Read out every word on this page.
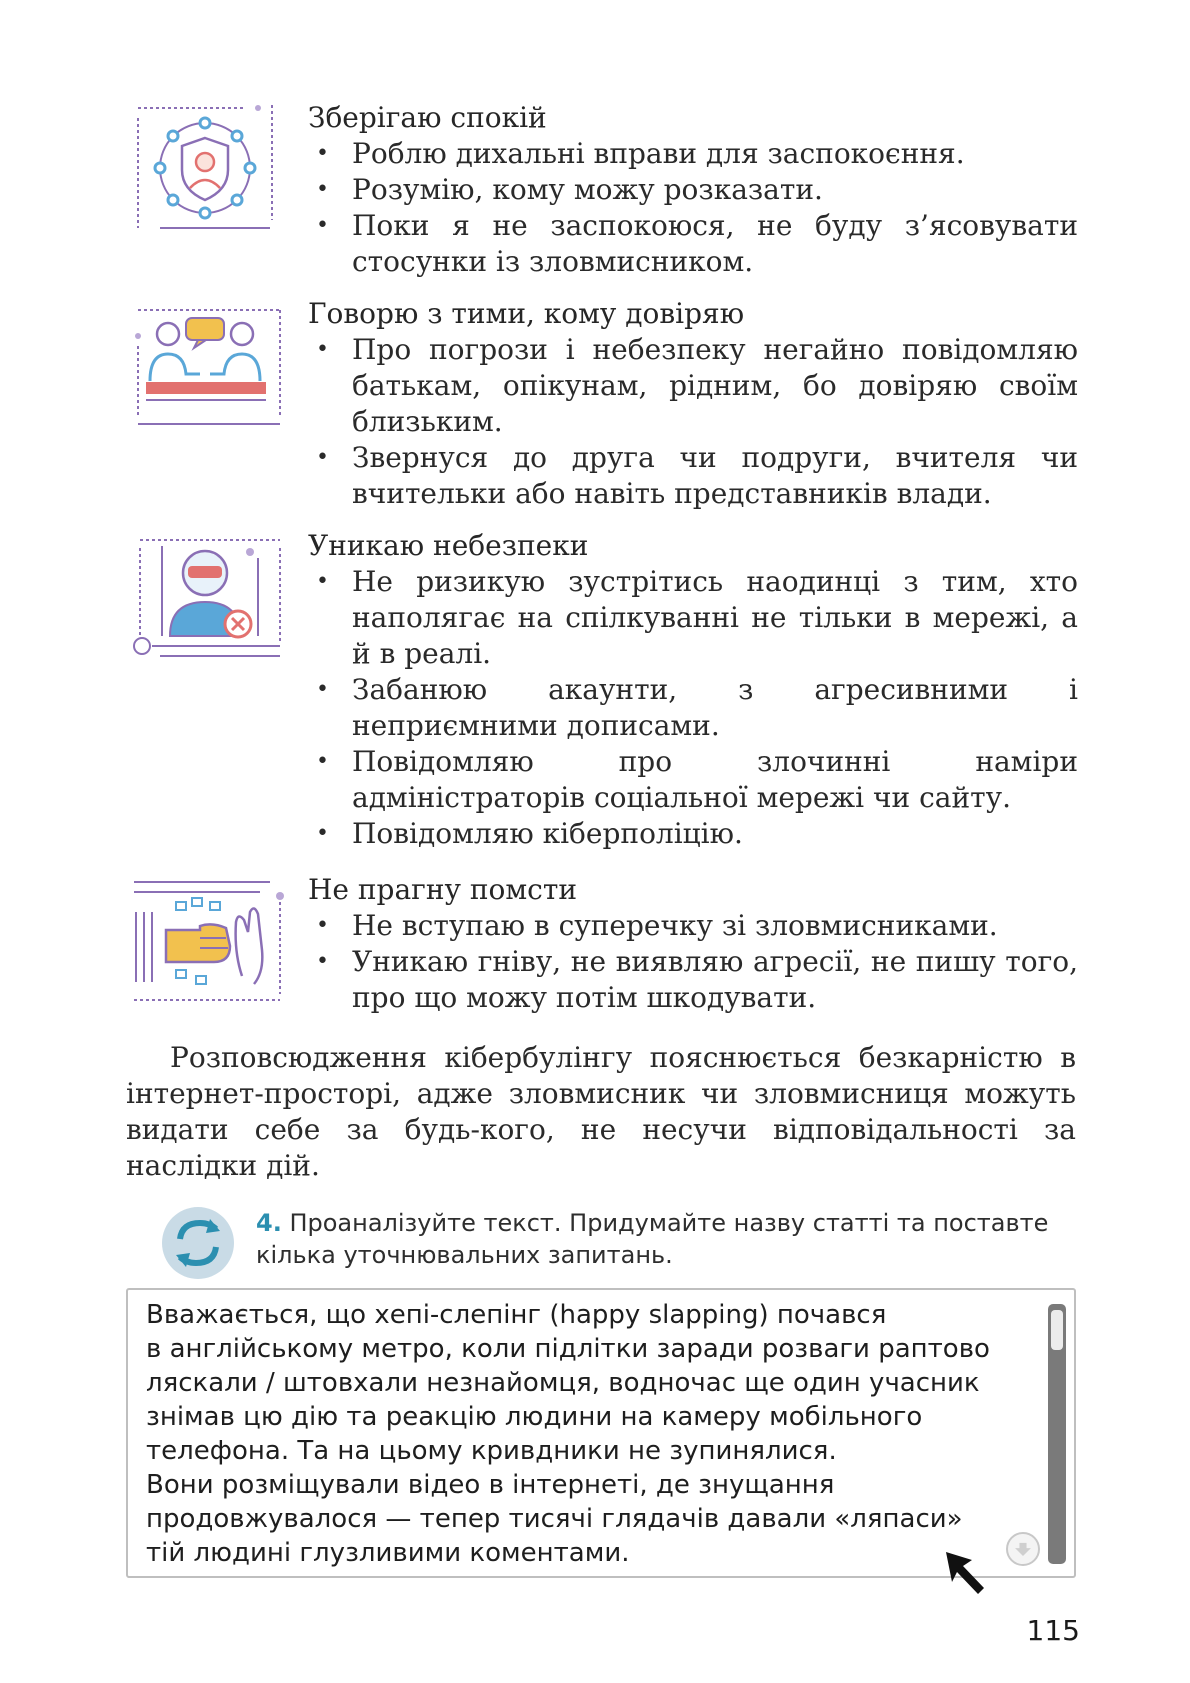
Зберігаю спокій
• Роблю дихальні вправи для заспокоєння.
• Розумію, кому можу розказати.
• Поки я не заспокоюся, не буду з’ясовувати стосунки із зловмисником.
Говорю з тими, кому довіряю
• Про погрози і небезпеку негайно повідомляю батькам, опікунам, рідним, бо довіряю своїм близьким.
• Звернуся до друга чи подруги, вчителя чи вчительки або навіть представників влади.
Уникаю небезпеки
• Не ризикую зустрітись наодинці з тим, хто наполягає на спілкуванні не тільки в мережі, а й в реалі.
• Забанюю акаунти, з агресивними і неприємними дописами.
• Повідомляю про злочинні наміри адміністраторів соціальної мережі чи сайту.
• Повідомляю кіберполіцію.
Не прагну помсти
• Не вступаю в суперечку зі зловмисниками.
• Уникаю гніву, не виявляю агресії, не пишу того, про що можу потім шкодувати.

Розповсюдження кібербулінгу пояснюється безкарністю в інтернет-просторі, адже зловмисник чи зловмисниця можуть видати себе за будь-кого, не несучи відповідальності за наслідки дій.

4. Проаналізуйте текст. Придумайте назву статті та поставте кілька уточнювальних запитань.

Вважається, що хепі-слепінг (happy slapping) почався
в англійському метро, коли підлітки заради розваги раптово
ляскали / штовхали незнайомця, водночас ще один учасник
знімав цю дію та реакцію людини на камеру мобільного
телефона. Та на цьому кривдники не зупинялися.
Вони розміщували відео в інтернеті, де знущання
продовжувалося — тепер тисячі глядачів давали «ляпаси»
тій людині глузливими коментами.

115
